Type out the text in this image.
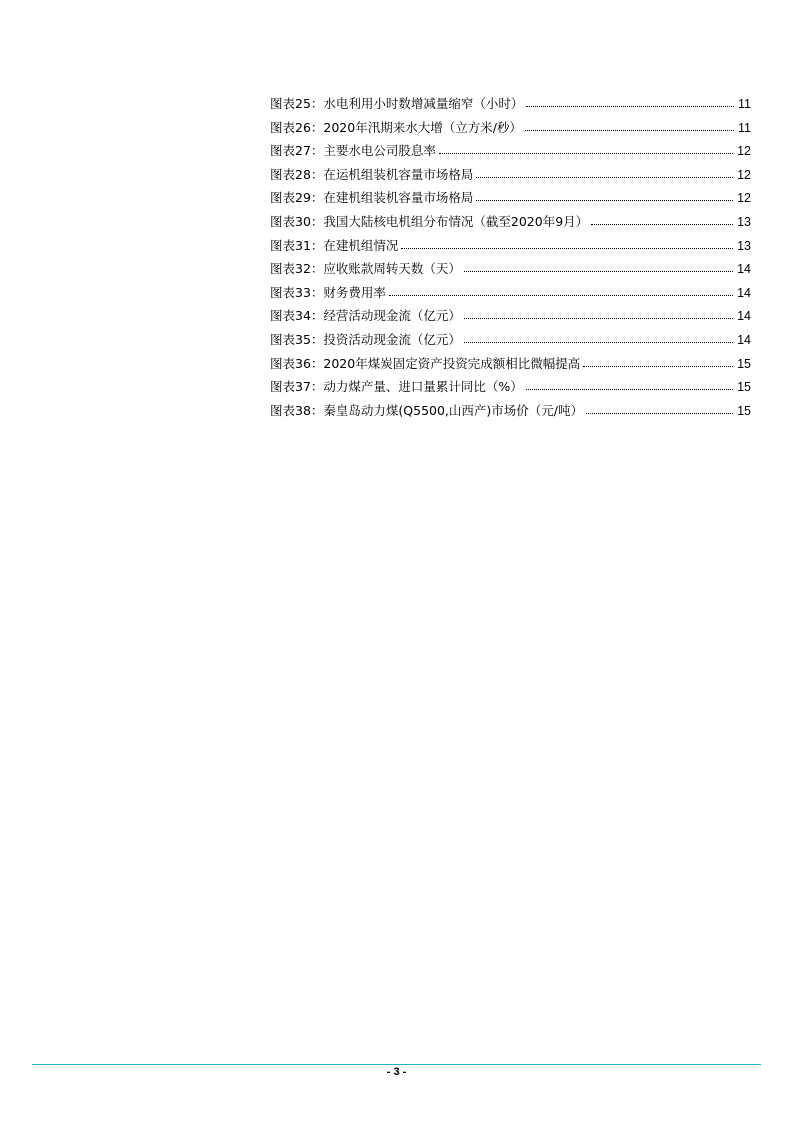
图表25：水电利用小时数增减量缩窄（小时）	11
图表26：2020年汛期来水大增（立方米/秒）	11
图表27：主要水电公司股息率	12
图表28：在运机组装机容量市场格局	12
图表29：在建机组装机容量市场格局	12
图表30：我国大陆核电机组分布情况（截至2020年9月）	13
图表31：在建机组情况	13
图表32：应收账款周转天数（天）	14
图表33：财务费用率	14
图表34：经营活动现金流（亿元）	14
图表35：投资活动现金流（亿元）	14
图表36：2020年煤炭固定资产投资完成额相比微幅提高	15
图表37：动力煤产量、进口量累计同比（%）	15
图表38：秦皇岛动力煤(Q5500,山西产)市场价（元/吨）	15
- 3 -
